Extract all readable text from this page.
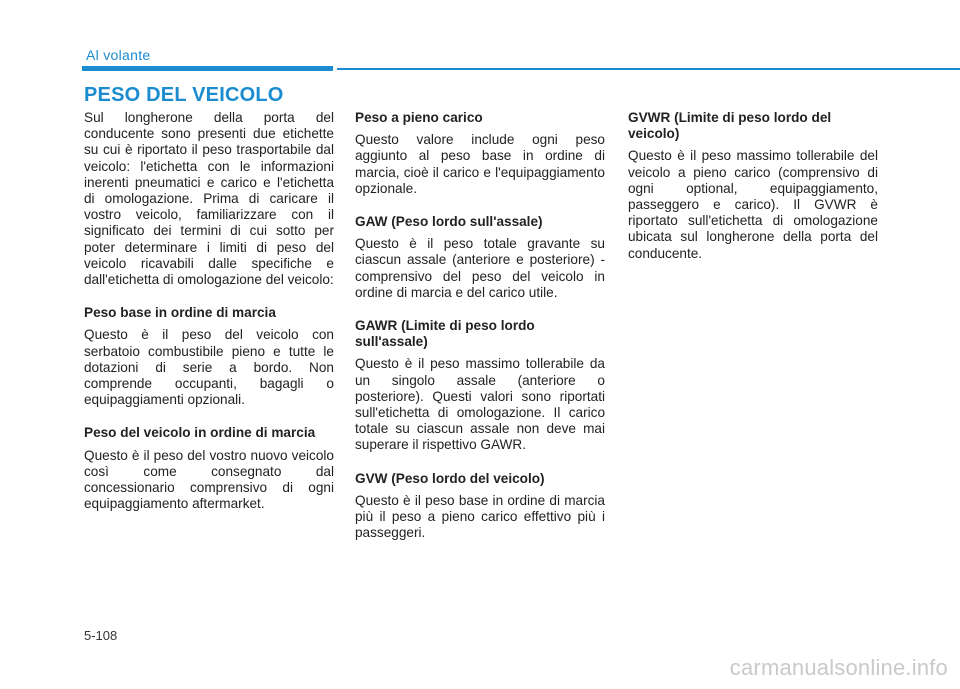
Al volante
PESO DEL VEICOLO

Sul longherone della porta del conducente sono presenti due etichette su cui è riportato il peso trasportabile dal veicolo: l'etichetta con le informazioni inerenti pneumatici e carico e l'etichetta di omologazione. Prima di caricare il vostro veicolo, familiarizzare con il significato dei termini di cui sotto per poter determinare i limiti di peso del veicolo ricavabili dalle specifiche e dall'etichetta di omologazione del veicolo:

Peso base in ordine di marcia

Questo è il peso del veicolo con serbatoio combustibile pieno e tutte le dotazioni di serie a bordo. Non comprende occupanti, bagagli o equipaggiamenti opzionali.

Peso del veicolo in ordine di marcia

Questo è il peso del vostro nuovo veicolo così come consegnato dal concessionario comprensivo di ogni equipaggiamento aftermarket.

Peso a pieno carico

Questo valore include ogni peso aggiunto al peso base in ordine di marcia, cioè il carico e l'equipaggiamento opzionale.

GAW (Peso lordo sull'assale)

Questo è il peso totale gravante su ciascun assale (anteriore e posteriore) - comprensivo del peso del veicolo in ordine di marcia e del carico utile.

GAWR (Limite di peso lordo sull'assale)

Questo è il peso massimo tollerabile da un singolo assale (anteriore o posteriore). Questi valori sono riportati sull'etichetta di omologazione. Il carico totale su ciascun assale non deve mai superare il rispettivo GAWR.

GVW (Peso lordo del veicolo)

Questo è il peso base in ordine di marcia più il peso a pieno carico effettivo più i passeggeri.

GVWR (Limite di peso lordo del veicolo)

Questo è il peso massimo tollerabile del veicolo a pieno carico (comprensivo di ogni optional, equipaggiamento, passeggero e carico). Il GVWR è riportato sull'etichetta di omologazione ubicata sul longherone della porta del conducente.

5-108
carmanualsonline.info
